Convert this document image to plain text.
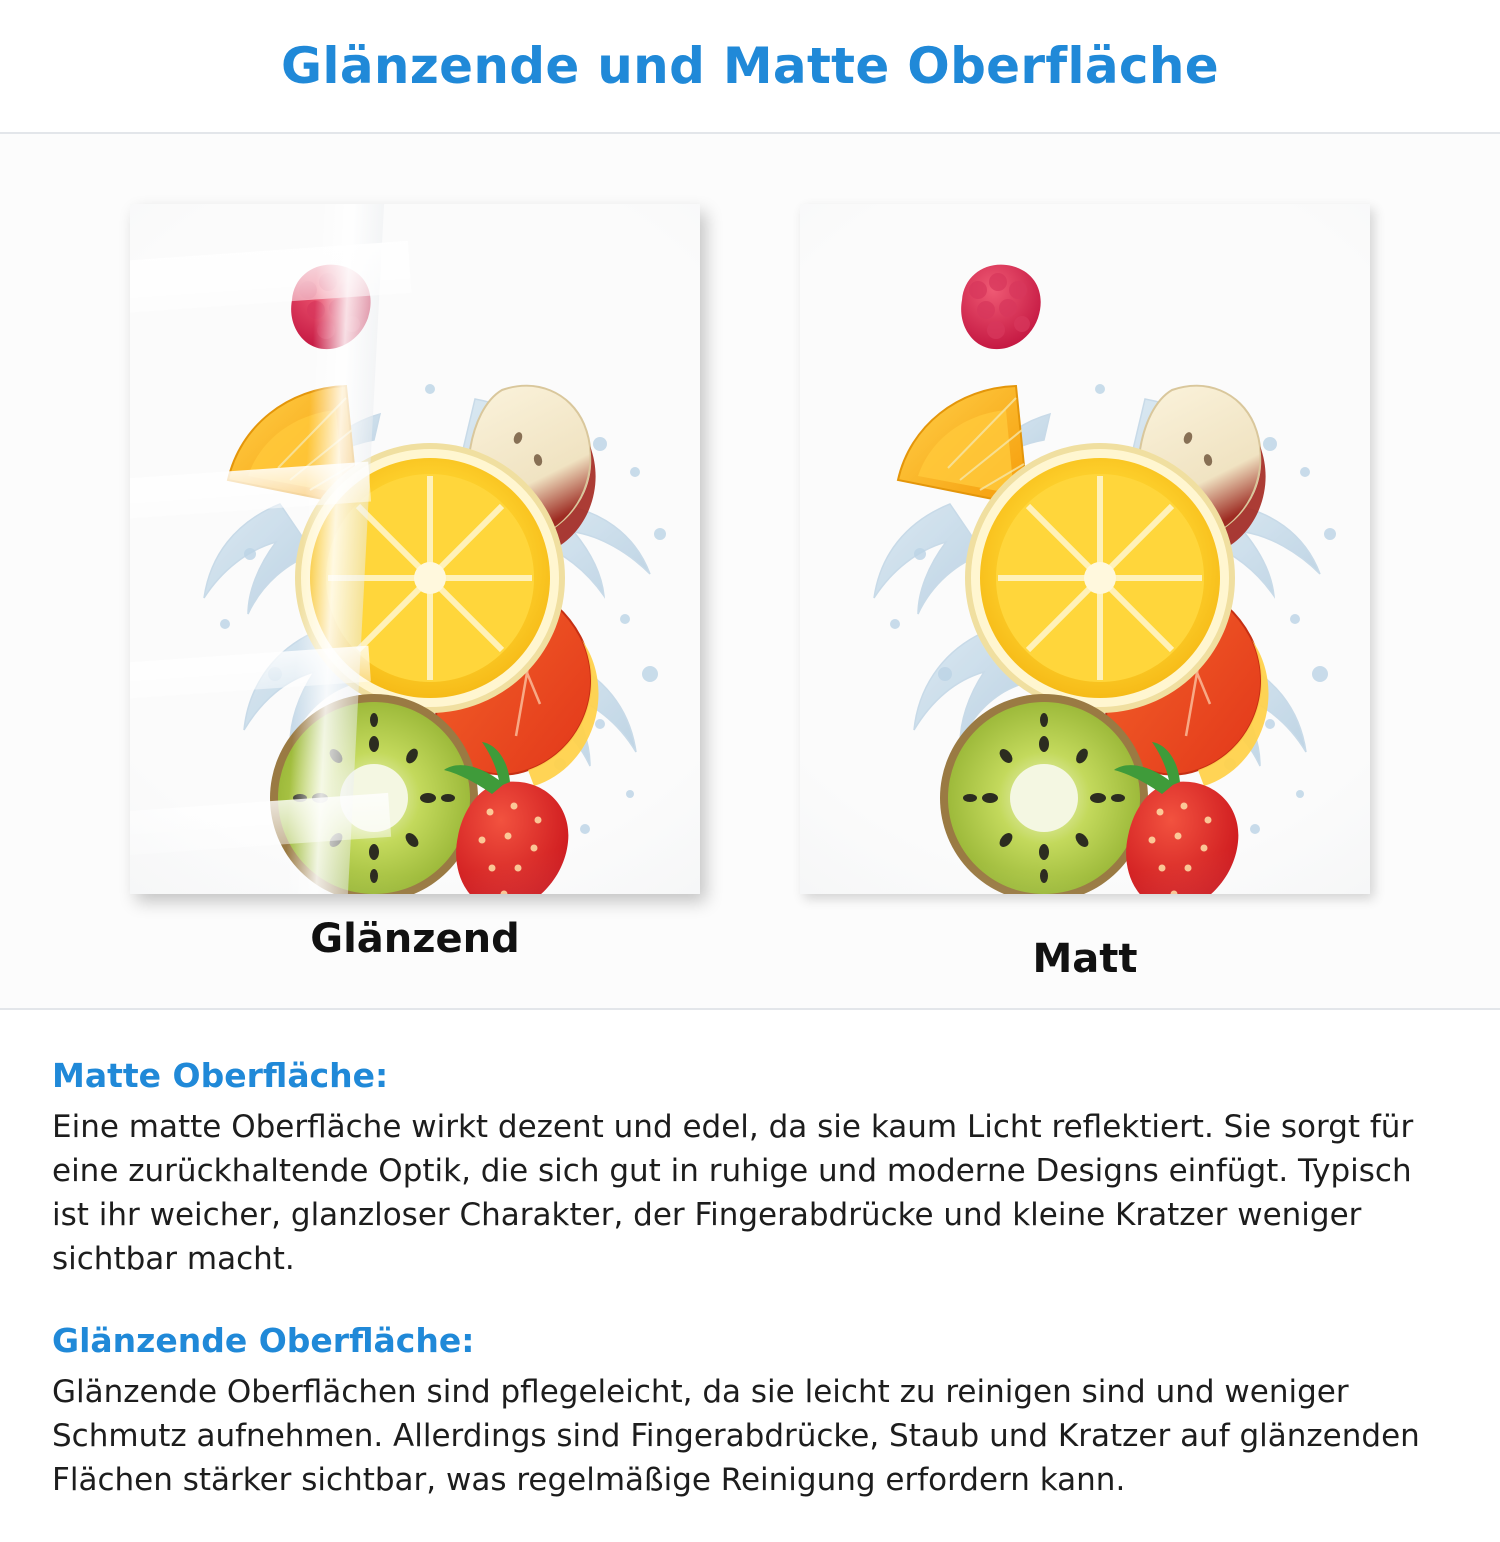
Glänzende und Matte Oberfläche
Glänzend	Matt
Matte Oberfläche:
Eine matte Oberfläche wirkt dezent und edel, da sie kaum Licht reflektiert. Sie sorgt für eine zurückhaltende Optik, die sich gut in ruhige und moderne Designs einfügt. Typisch ist ihr weicher, glanzloser Charakter, der Fingerabdrücke und kleine Kratzer weniger sichtbar macht.
Glänzende Oberfläche:
Glänzende Oberflächen sind pflegeleicht, da sie leicht zu reinigen sind und weniger Schmutz aufnehmen. Allerdings sind Fingerabdrücke, Staub und Kratzer auf glänzenden Flächen stärker sichtbar, was regelmäßige Reinigung erfordern kann.
